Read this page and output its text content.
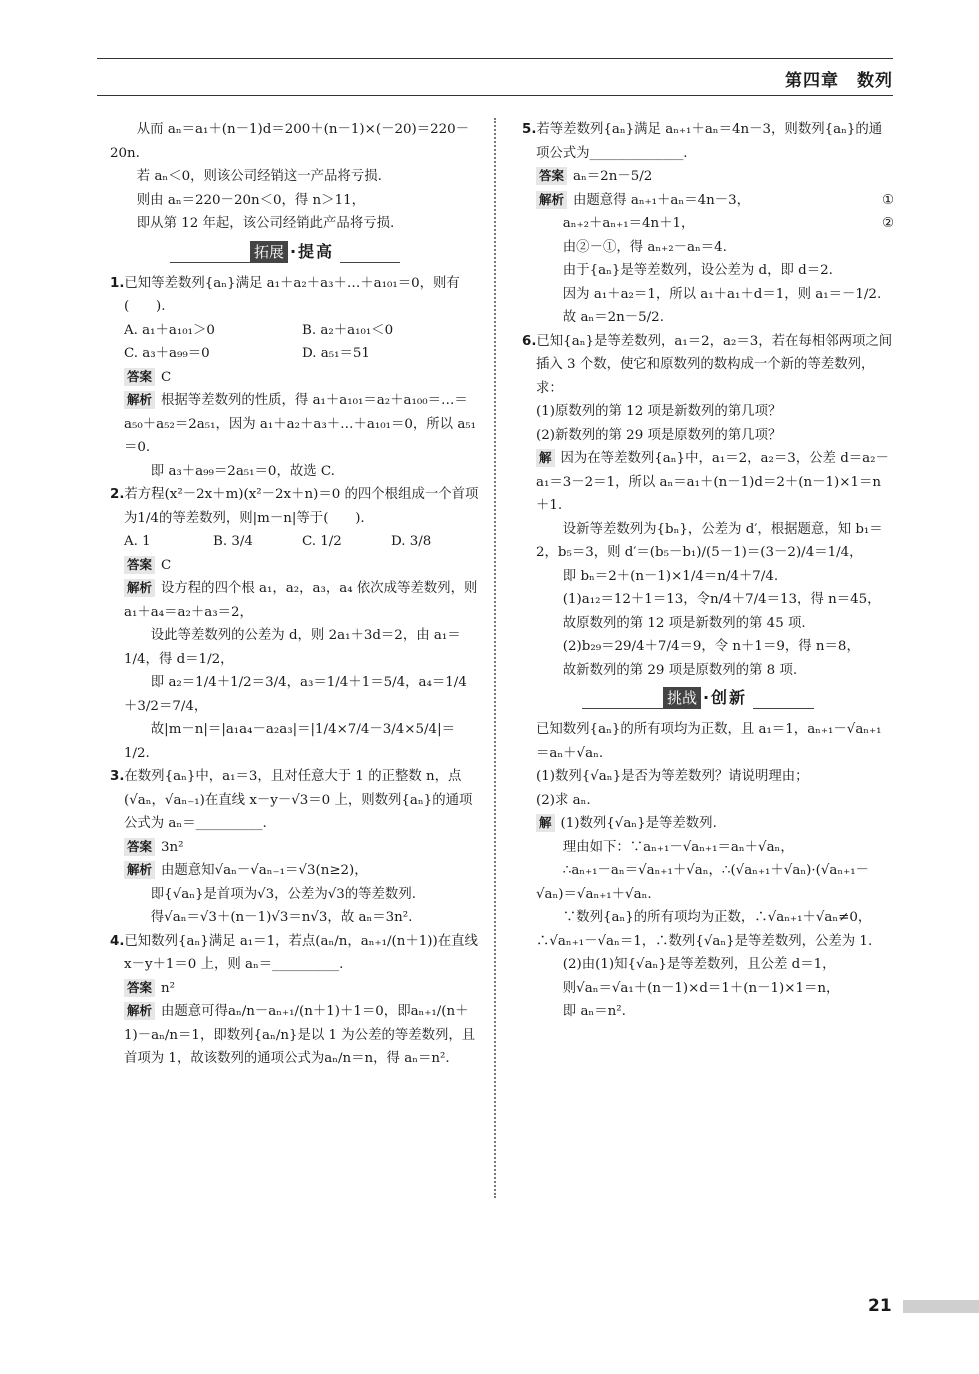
第四章　数列

从而 aₙ＝a₁＋(n－1)d＝200＋(n－1)×(－20)＝220－20n.

若 aₙ＜0，则该公司经销这一产品将亏损.

则由 aₙ＝220－20n＜0，得 n＞11，

即从第 12 年起，该公司经销此产品将亏损.

拓展 ·提高

1.已知等差数列{aₙ}满足 a₁＋a₂＋a₃＋…＋a₁₀₁＝0，则有(　　).

A. a₁＋a₁₀₁＞0	B. a₂＋a₁₀₁＜0
C. a₃＋a₉₉＝0	D. a₅₁＝51

答案 C

解析 根据等差数列的性质，得 a₁＋a₁₀₁＝a₂＋a₁₀₀＝…＝a₅₀＋a₅₂＝2a₅₁，因为 a₁＋a₂＋a₃＋…＋a₁₀₁＝0，所以 a₅₁＝0.

即 a₃＋a₉₉＝2a₅₁＝0，故选 C.

2.若方程(x²－2x＋m)(x²－2x＋n)＝0 的四个根组成一个首项为1/4的等差数列，则|m－n|等于(　　).

A. 1	B. 3/4	C. 1/2	D. 3/8

答案 C

解析 设方程的四个根 a₁，a₂，a₃，a₄ 依次成等差数列，则 a₁＋a₄＝a₂＋a₃＝2，

设此等差数列的公差为 d，则 2a₁＋3d＝2，由 a₁＝1/4，得 d＝1/2，

即 a₂＝1/4＋1/2＝3/4，a₃＝1/4＋1＝5/4，a₄＝1/4＋3/2＝7/4，

故|m－n|＝|a₁a₄－a₂a₃|＝|1/4×7/4－3/4×5/4|＝1/2.

3.在数列{aₙ}中，a₁＝3，且对任意大于 1 的正整数 n，点(√aₙ，√aₙ₋₁)在直线 x－y－√3＝0 上，则数列{aₙ}的通项公式为 aₙ＝__________.

答案 3n²

解析 由题意知√aₙ－√aₙ₋₁＝√3(n≥2)，

即{√aₙ}是首项为√3，公差为√3的等差数列.

得√aₙ＝√3＋(n－1)√3＝n√3，故 aₙ＝3n².

4.已知数列{aₙ}满足 a₁＝1，若点(aₙ/n，aₙ₊₁/(n＋1))在直线 x－y＋1＝0 上，则 aₙ＝__________.

答案 n²

解析 由题意可得aₙ/n－aₙ₊₁/(n＋1)＋1＝0，即aₙ₊₁/(n＋1)－aₙ/n＝1，即数列{aₙ/n}是以 1 为公差的等差数列，且首项为 1，故该数列的通项公式为aₙ/n＝n，得 aₙ＝n².

5.若等差数列{aₙ}满足 aₙ₊₁＋aₙ＝4n－3，则数列{aₙ}的通项公式为______________.

答案 aₙ＝2n－5/2

解析 由题意得 aₙ₊₁＋aₙ＝4n－3，	①

aₙ₊₂＋aₙ₊₁＝4n＋1，	②

由②－①，得 aₙ₊₂－aₙ＝4.

由于{aₙ}是等差数列，设公差为 d，即 d＝2.

因为 a₁＋a₂＝1，所以 a₁＋a₁＋d＝1，则 a₁＝－1/2.

故 aₙ＝2n－5/2.

6.已知{aₙ}是等差数列，a₁＝2，a₂＝3，若在每相邻两项之间插入 3 个数，使它和原数列的数构成一个新的等差数列，求：

(1)原数列的第 12 项是新数列的第几项？

(2)新数列的第 29 项是原数列的第几项？

解 因为在等差数列{aₙ}中，a₁＝2，a₂＝3，公差 d＝a₂－a₁＝3－2＝1，所以 aₙ＝a₁＋(n－1)d＝2＋(n－1)×1＝n＋1.

设新等差数列为{bₙ}，公差为 d′，根据题意，知 b₁＝2，b₅＝3，则 d′＝(b₅－b₁)/(5－1)＝(3－2)/4＝1/4，

即 bₙ＝2＋(n－1)×1/4＝n/4＋7/4.

(1)a₁₂＝12＋1＝13，令n/4＋7/4＝13，得 n＝45，

故原数列的第 12 项是新数列的第 45 项.

(2)b₂₉＝29/4＋7/4＝9，令 n＋1＝9，得 n＝8，

故新数列的第 29 项是原数列的第 8 项.

挑战 ·创新

已知数列{aₙ}的所有项均为正数，且 a₁＝1，aₙ₊₁－√aₙ₊₁＝aₙ＋√aₙ.

(1)数列{√aₙ}是否为等差数列？请说明理由；

(2)求 aₙ.

解 (1)数列{√aₙ}是等差数列.

理由如下：∵aₙ₊₁－√aₙ₊₁＝aₙ＋√aₙ，

∴aₙ₊₁－aₙ＝√aₙ₊₁＋√aₙ，∴(√aₙ₊₁＋√aₙ)·(√aₙ₊₁－√aₙ)＝√aₙ₊₁＋√aₙ.

∵数列{aₙ}的所有项均为正数，∴√aₙ₊₁＋√aₙ≠0，∴√aₙ₊₁－√aₙ＝1，∴数列{√aₙ}是等差数列，公差为 1.

(2)由(1)知{√aₙ}是等差数列，且公差 d＝1，

则√aₙ＝√a₁＋(n－1)×d＝1＋(n－1)×1＝n，

即 aₙ＝n².

21
